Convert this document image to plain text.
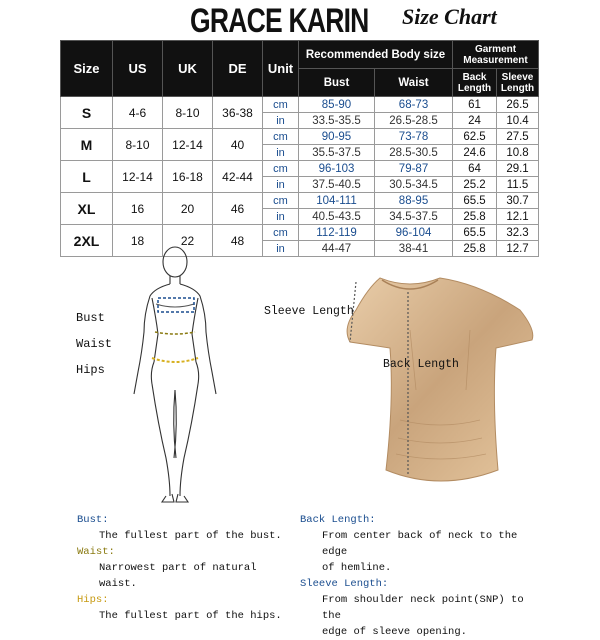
GRACE KARIN Size Chart
Size	US	UK	DE	Unit	Recommended Body size		Garment Measurement	
					Bust	Waist	Back Length	Sleeve Length
S	4-6	8-10	36-38	cm	85-90	68-73	61	26.5
				in	33.5-35.5	26.5-28.5	24	10.4
M	8-10	12-14	40	cm	90-95	73-78	62.5	27.5
				in	35.5-37.5	28.5-30.5	24.6	10.8
L	12-14	16-18	42-44	cm	96-103	79-87	64	29.1
				in	37.5-40.5	30.5-34.5	25.2	11.5
XL	16	20	46	cm	104-111	88-95	65.5	30.7
				in	40.5-43.5	34.5-37.5	25.8	12.1
2XL	18	22	48	cm	112-119	96-104	65.5	32.3
				in	44-47	38-41	25.8	12.7
Bust
Waist
Hips
Sleeve Length
Back Length
Bust:
The fullest part of the bust.
Waist:
Narrowest part of natural waist.
Hips:
The fullest part of the hips.
Back Length:
From center back of neck to the edge
of hemline.
Sleeve Length:
From shoulder neck point(SNP) to the
edge of sleeve opening.
